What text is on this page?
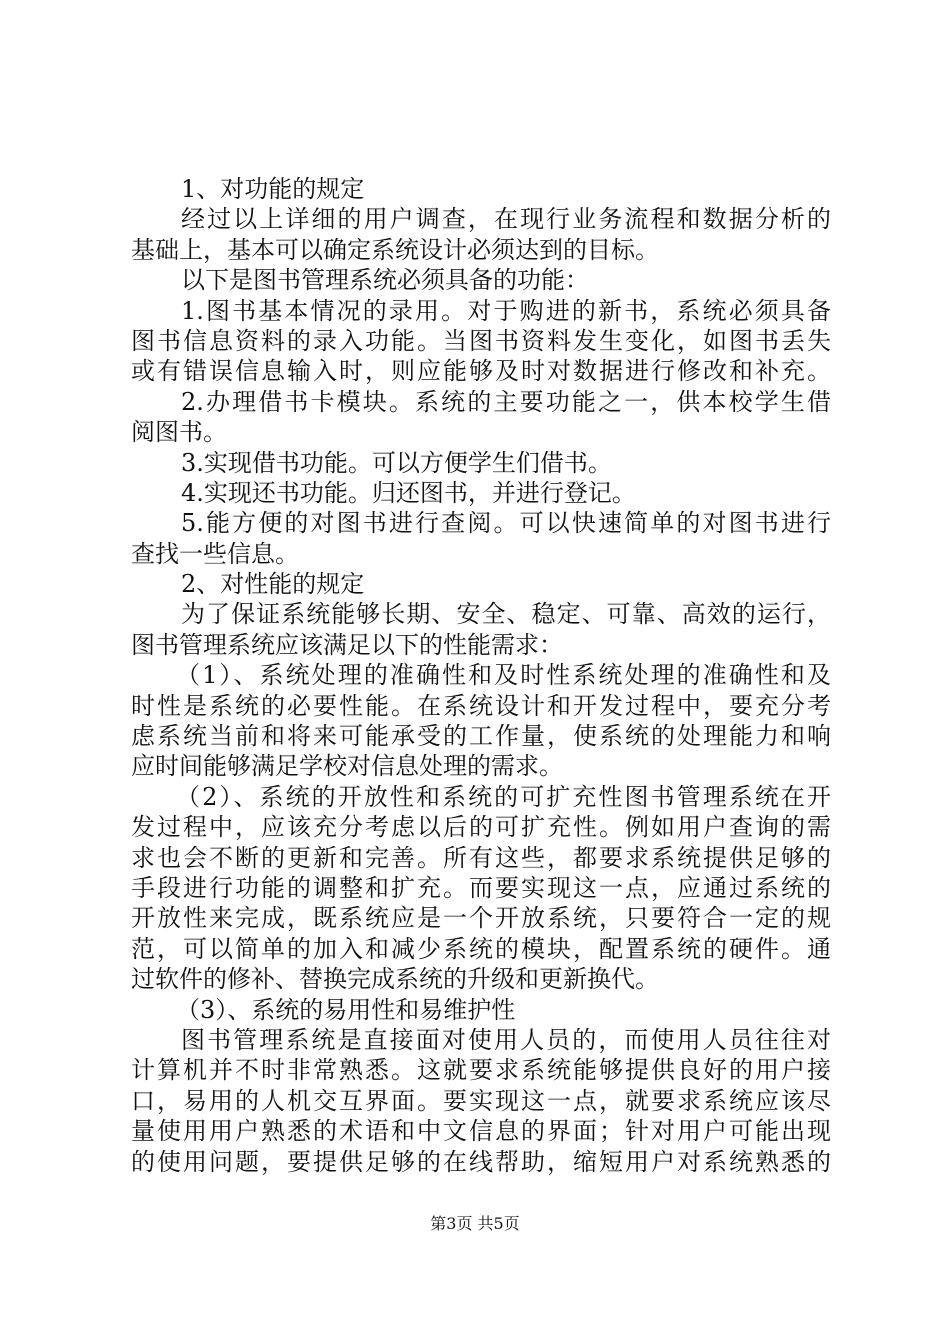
1、对功能的规定
经过以上详细的用户调查，在现行业务流程和数据分析的
基础上，基本可以确定系统设计必须达到的目标。
以下是图书管理系统必须具备的功能：
1.图书基本情况的录用。对于购进的新书，系统必须具备
图书信息资料的录入功能。当图书资料发生变化，如图书丢失
或有错误信息输入时，则应能够及时对数据进行修改和补充。
2.办理借书卡模块。系统的主要功能之一，供本校学生借
阅图书。
3.实现借书功能。可以方便学生们借书。
4.实现还书功能。归还图书，并进行登记。
5.能方便的对图书进行查阅。可以快速简单的对图书进行
查找一些信息。
2、对性能的规定
为了保证系统能够长期、安全、稳定、可靠、高效的运行，
图书管理系统应该满足以下的性能需求：
（1）、系统处理的准确性和及时性系统处理的准确性和及
时性是系统的必要性能。在系统设计和开发过程中，要充分考
虑系统当前和将来可能承受的工作量，使系统的处理能力和响
应时间能够满足学校对信息处理的需求。
（2）、系统的开放性和系统的可扩充性图书管理系统在开
发过程中，应该充分考虑以后的可扩充性。例如用户查询的需
求也会不断的更新和完善。所有这些，都要求系统提供足够的
手段进行功能的调整和扩充。而要实现这一点，应通过系统的
开放性来完成，既系统应是一个开放系统，只要符合一定的规
范，可以简单的加入和减少系统的模块，配置系统的硬件。通
过软件的修补、替换完成系统的升级和更新换代。
（3）、系统的易用性和易维护性
图书管理系统是直接面对使用人员的，而使用人员往往对
计算机并不时非常熟悉。这就要求系统能够提供良好的用户接
口，易用的人机交互界面。要实现这一点，就要求系统应该尽
量使用用户熟悉的术语和中文信息的界面；针对用户可能出现
的使用问题，要提供足够的在线帮助，缩短用户对系统熟悉的
第3页 共5页
